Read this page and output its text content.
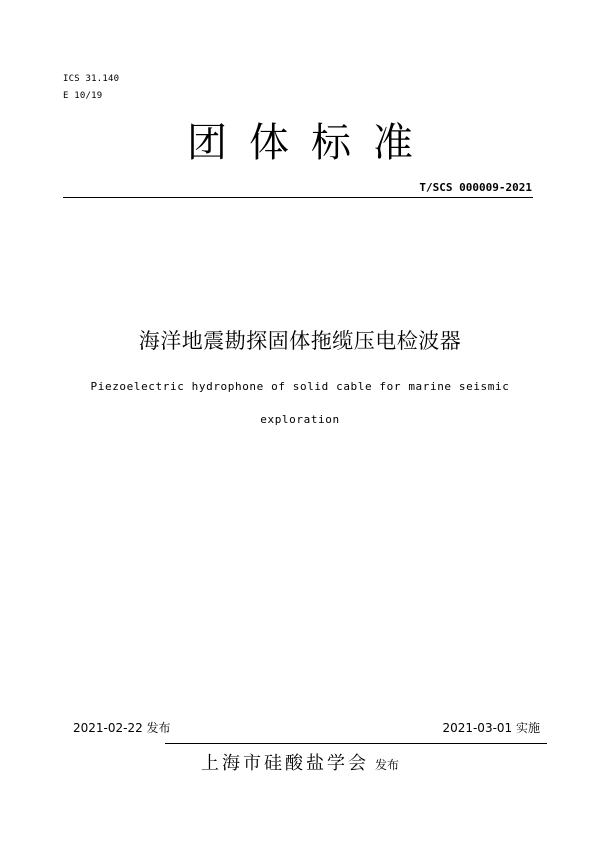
ICS 31.140
E 10/19
团体标准
T/SCS 000009-2021
海洋地震勘探固体拖缆压电检波器
Piezoelectric hydrophone of solid cable for marine seismic
exploration
2021-02-22 发布	2021-03-01 实施
上海市硅酸盐学会 发布
